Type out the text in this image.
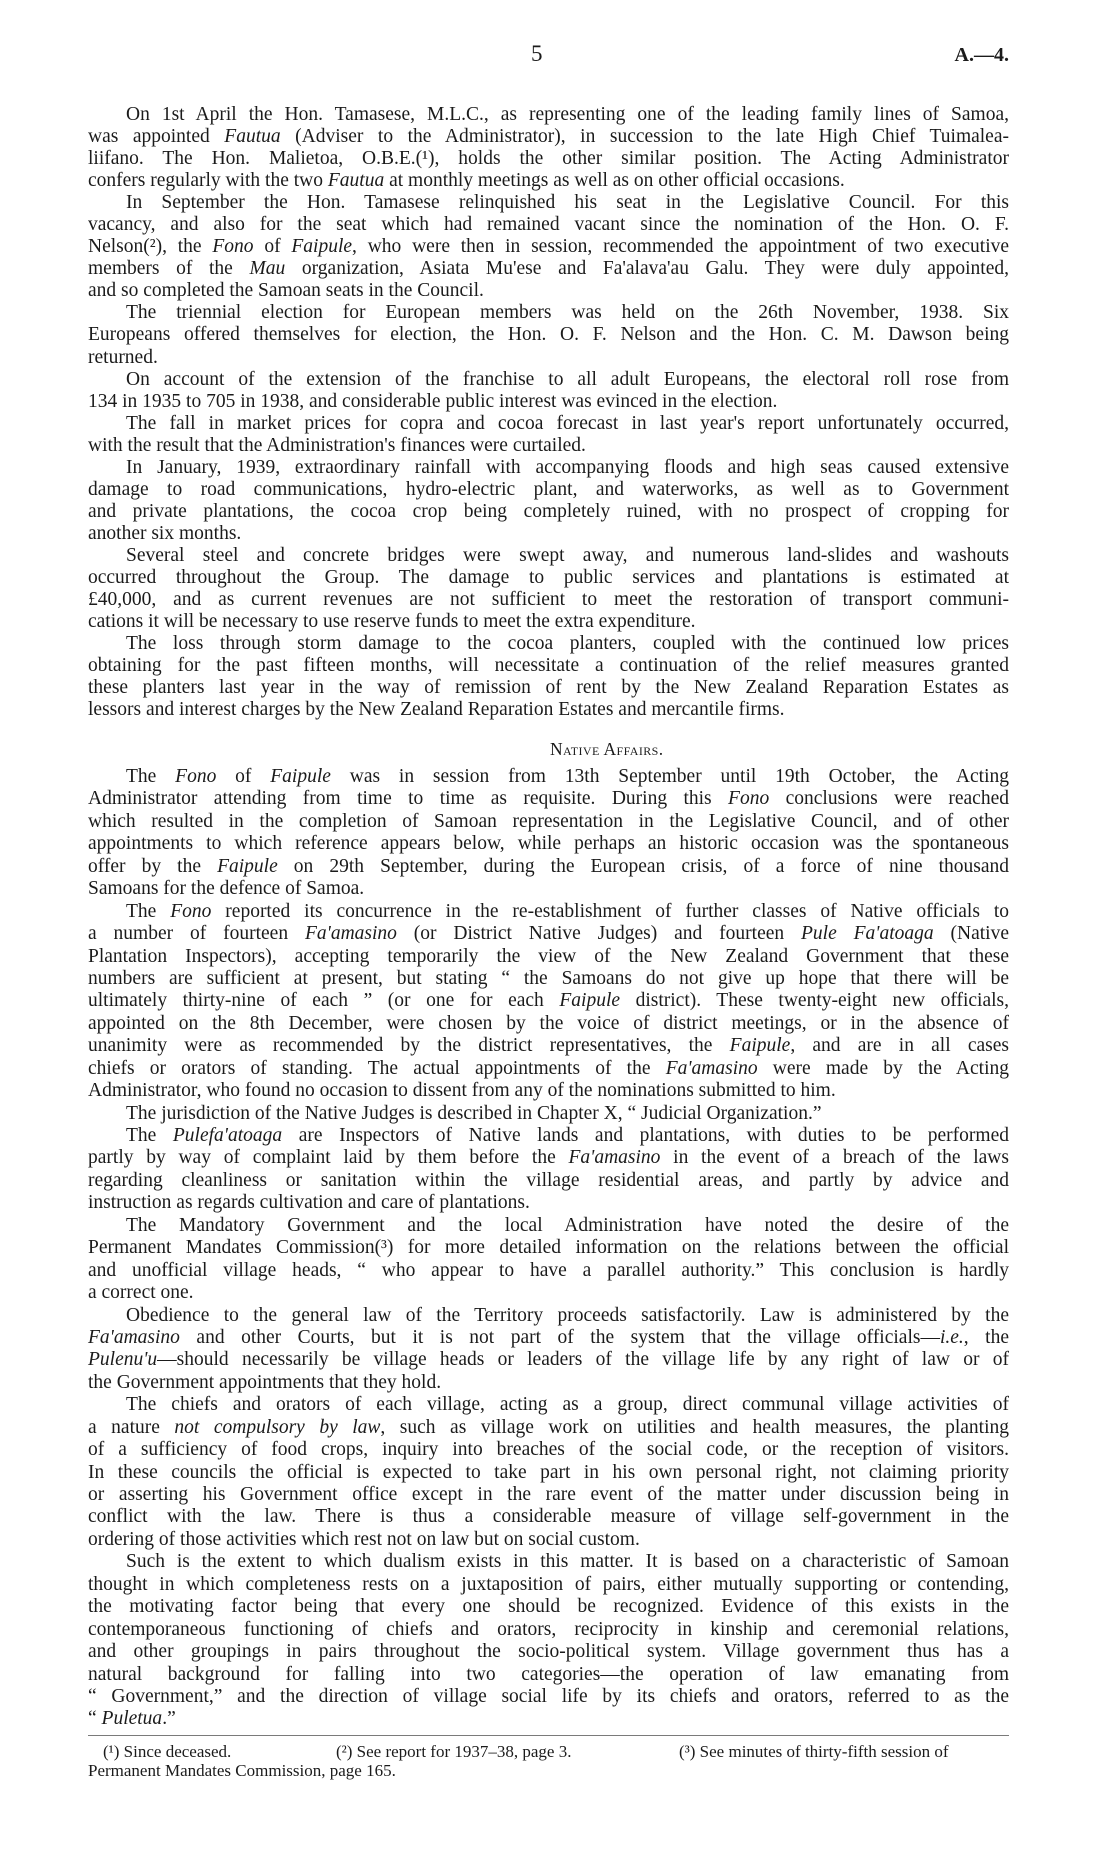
5	A.—4.
On 1st April the Hon. Tamasese, M.L.C., as representing one of the leading family lines of Samoa,
was appointed Fautua (Adviser to the Administrator), in succession to the late High Chief Tuimalea-
liifano. The Hon. Malietoa, O.B.E.(¹), holds the other similar position. The Acting Administrator
confers regularly with the two Fautua at monthly meetings as well as on other official occasions.
In September the Hon. Tamasese relinquished his seat in the Legislative Council. For this
vacancy, and also for the seat which had remained vacant since the nomination of the Hon. O. F.
Nelson(²), the Fono of Faipule, who were then in session, recommended the appointment of two executive
members of the Mau organization, Asiata Mu'ese and Fa'alava'au Galu. They were duly appointed,
and so completed the Samoan seats in the Council.
The triennial election for European members was held on the 26th November, 1938. Six
Europeans offered themselves for election, the Hon. O. F. Nelson and the Hon. C. M. Dawson being
returned.
On account of the extension of the franchise to all adult Europeans, the electoral roll rose from
134 in 1935 to 705 in 1938, and considerable public interest was evinced in the election.
The fall in market prices for copra and cocoa forecast in last year's report unfortunately occurred,
with the result that the Administration's finances were curtailed.
In January, 1939, extraordinary rainfall with accompanying floods and high seas caused extensive
damage to road communications, hydro-electric plant, and waterworks, as well as to Government
and private plantations, the cocoa crop being completely ruined, with no prospect of cropping for
another six months.
Several steel and concrete bridges were swept away, and numerous land-slides and washouts
occurred throughout the Group. The damage to public services and plantations is estimated at
£40,000, and as current revenues are not sufficient to meet the restoration of transport communi-
cations it will be necessary to use reserve funds to meet the extra expenditure.
The loss through storm damage to the cocoa planters, coupled with the continued low prices
obtaining for the past fifteen months, will necessitate a continuation of the relief measures granted
these planters last year in the way of remission of rent by the New Zealand Reparation Estates as
lessors and interest charges by the New Zealand Reparation Estates and mercantile firms.
Native Affairs.
The Fono of Faipule was in session from 13th September until 19th October, the Acting
Administrator attending from time to time as requisite. During this Fono conclusions were reached
which resulted in the completion of Samoan representation in the Legislative Council, and of other
appointments to which reference appears below, while perhaps an historic occasion was the spontaneous
offer by the Faipule on 29th September, during the European crisis, of a force of nine thousand
Samoans for the defence of Samoa.
The Fono reported its concurrence in the re-establishment of further classes of Native officials to
a number of fourteen Fa'amasino (or District Native Judges) and fourteen Pule Fa'atoaga (Native
Plantation Inspectors), accepting temporarily the view of the New Zealand Government that these
numbers are sufficient at present, but stating “ the Samoans do not give up hope that there will be
ultimately thirty-nine of each ” (or one for each Faipule district). These twenty-eight new officials,
appointed on the 8th December, were chosen by the voice of district meetings, or in the absence of
unanimity were as recommended by the district representatives, the Faipule, and are in all cases
chiefs or orators of standing. The actual appointments of the Fa'amasino were made by the Acting
Administrator, who found no occasion to dissent from any of the nominations submitted to him.
The jurisdiction of the Native Judges is described in Chapter X, “ Judicial Organization.”
The Pulefa'atoaga are Inspectors of Native lands and plantations, with duties to be performed
partly by way of complaint laid by them before the Fa'amasino in the event of a breach of the laws
regarding cleanliness or sanitation within the village residential areas, and partly by advice and
instruction as regards cultivation and care of plantations.
The Mandatory Government and the local Administration have noted the desire of the
Permanent Mandates Commission(³) for more detailed information on the relations between the official
and unofficial village heads, “ who appear to have a parallel authority.” This conclusion is hardly
a correct one.
Obedience to the general law of the Territory proceeds satisfactorily. Law is administered by the
Fa'amasino and other Courts, but it is not part of the system that the village officials—i.e., the
Pulenu'u—should necessarily be village heads or leaders of the village life by any right of law or of
the Government appointments that they hold.
The chiefs and orators of each village, acting as a group, direct communal village activities of
a nature not compulsory by law, such as village work on utilities and health measures, the planting
of a sufficiency of food crops, inquiry into breaches of the social code, or the reception of visitors.
In these councils the official is expected to take part in his own personal right, not claiming priority
or asserting his Government office except in the rare event of the matter under discussion being in
conflict with the law. There is thus a considerable measure of village self-government in the
ordering of those activities which rest not on law but on social custom.
Such is the extent to which dualism exists in this matter. It is based on a characteristic of Samoan
thought in which completeness rests on a juxtaposition of pairs, either mutually supporting or contending,
the motivating factor being that every one should be recognized. Evidence of this exists in the
contemporaneous functioning of chiefs and orators, reciprocity in kinship and ceremonial relations,
and other groupings in pairs throughout the socio-political system. Village government thus has a
natural background for falling into two categories—the operation of law emanating from
“ Government,” and the direction of village social life by its chiefs and orators, referred to as the
“ Puletua.”
(¹) Since deceased.	(²) See report for 1937–38, page 3.	(³) See minutes of thirty-fifth session of
Permanent Mandates Commission, page 165.
